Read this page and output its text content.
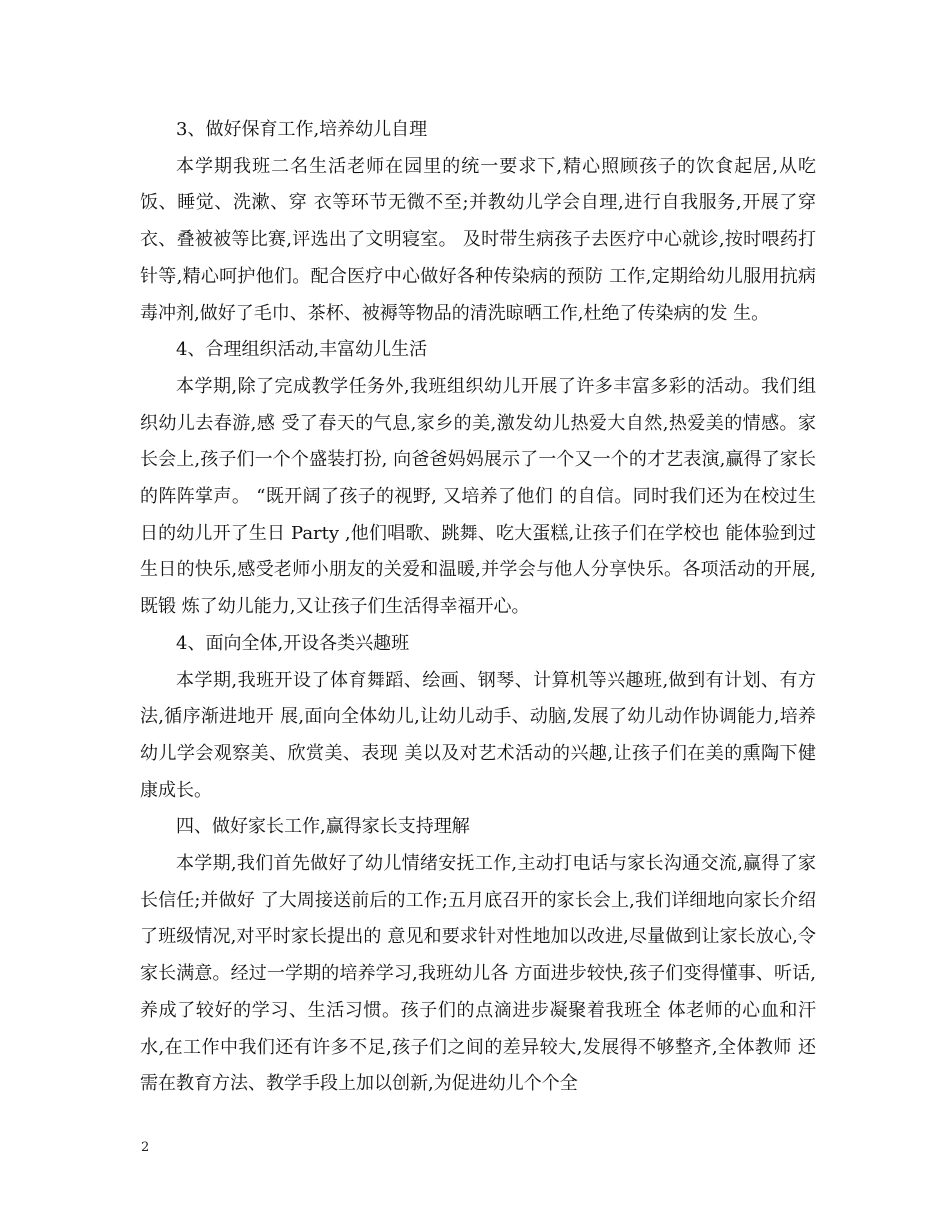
3、做好保育工作,培养幼儿自理

本学期我班二名生活老师在园里的统一要求下,精心照顾孩子的饮食起居,从吃饭、睡觉、洗漱、穿 衣等环节无微不至;并教幼儿学会自理,进行自我服务,开展了穿衣、叠被被等比赛,评选出了文明寝室。 及时带生病孩子去医疗中心就诊,按时喂药打针等,精心呵护他们。配合医疗中心做好各种传染病的预防 工作,定期给幼儿服用抗病毒冲剂,做好了毛巾、茶杯、被褥等物品的清洗晾晒工作,杜绝了传染病的发 生。

4、合理组织活动,丰富幼儿生活

本学期,除了完成教学任务外,我班组织幼儿开展了许多丰富多彩的活动。我们组织幼儿去春游,感 受了春天的气息,家乡的美,激发幼儿热爱大自然,热爱美的情感。家长会上,孩子们一个个盛装打扮, 向爸爸妈妈展示了一个又一个的才艺表演,赢得了家长的阵阵掌声。 “既开阔了孩子的视野, 又培养了他们 的自信。同时我们还为在校过生日的幼儿开了生日 Party ,他们唱歌、跳舞、吃大蛋糕,让孩子们在学校也 能体验到过生日的快乐,感受老师小朋友的关爱和温暖,并学会与他人分享快乐。各项活动的开展,既锻 炼了幼儿能力,又让孩子们生活得幸福开心。

4、面向全体,开设各类兴趣班

本学期,我班开设了体育舞蹈、绘画、钢琴、计算机等兴趣班,做到有计划、有方法,循序渐进地开 展,面向全体幼儿,让幼儿动手、动脑,发展了幼儿动作协调能力,培养幼儿学会观察美、欣赏美、表现 美以及对艺术活动的兴趣,让孩子们在美的熏陶下健康成长。

四、做好家长工作,赢得家长支持理解

本学期,我们首先做好了幼儿情绪安抚工作,主动打电话与家长沟通交流,赢得了家长信任;并做好 了大周接送前后的工作;五月底召开的家长会上,我们详细地向家长介绍了班级情况,对平时家长提出的 意见和要求针对性地加以改进,尽量做到让家长放心,令家长满意。经过一学期的培养学习,我班幼儿各 方面进步较快,孩子们变得懂事、听话,养成了较好的学习、生活习惯。孩子们的点滴进步凝聚着我班全 体老师的心血和汗水,在工作中我们还有许多不足,孩子们之间的差异较大,发展得不够整齐,全体教师 还需在教育方法、教学手段上加以创新,为促进幼儿个个全

2
